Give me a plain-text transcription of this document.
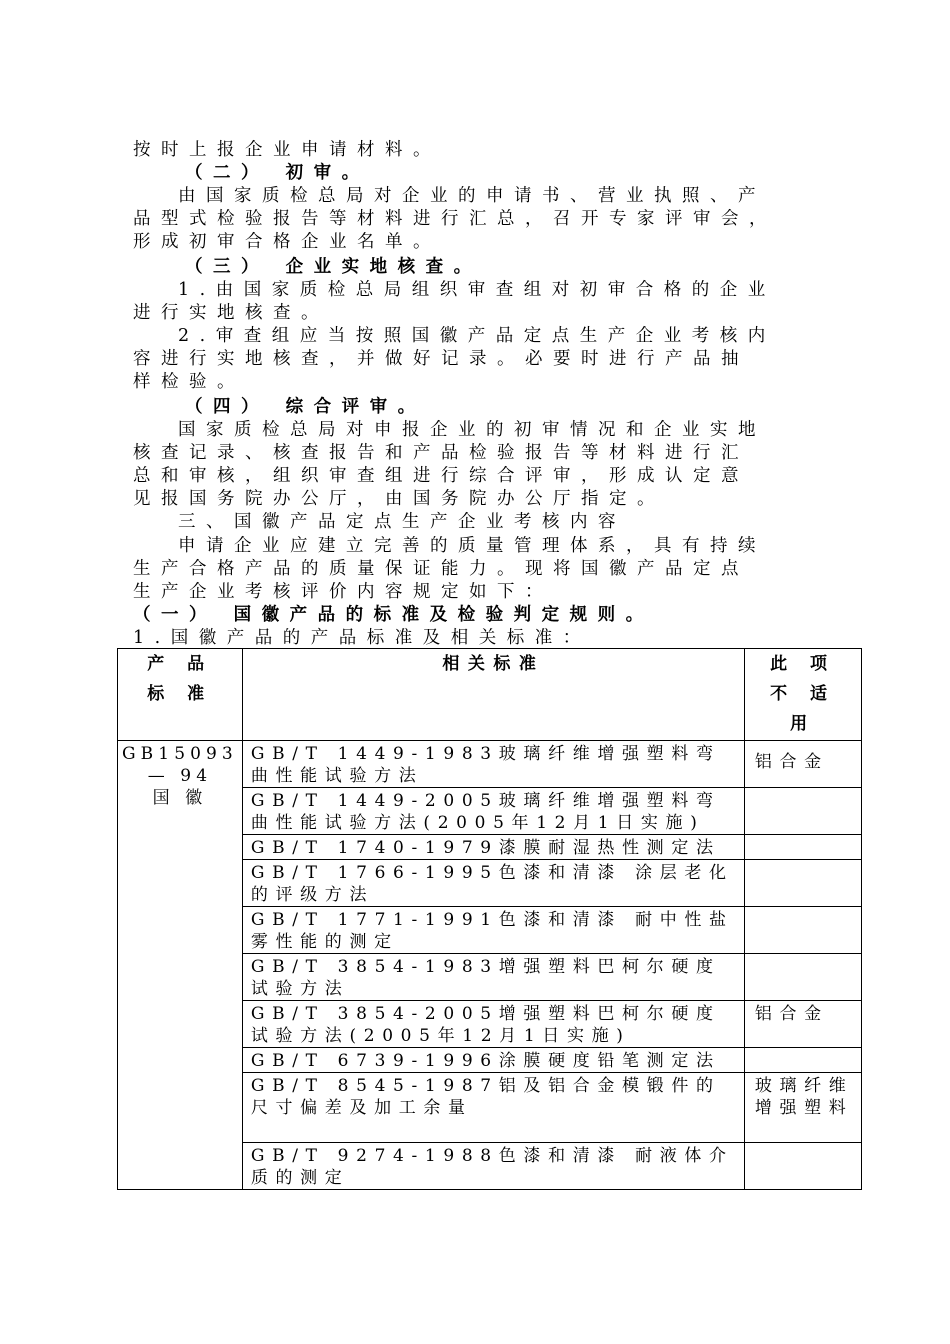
按时上报企业申请材料。
（二） 初审。
由国家质检总局对企业的申请书、营业执照、产
品型式检验报告等材料进行汇总，召开专家评审会，
形成初审合格企业名单。
（三） 企业实地核查。
1.由国家质检总局组织审查组对初审合格的企业
进行实地核查。
2.审查组应当按照国徽产品定点生产企业考核内
容进行实地核查，并做好记录。必要时进行产品抽
样检验。
（四） 综合评审。
国家质检总局对申报企业的初审情况和企业实地
核查记录、核查报告和产品检验报告等材料进行汇
总和审核，组织审查组进行综合评审，形成认定意
见报国务院办公厅，由国务院办公厅指定。
三、国徽产品定点生产企业考核内容
申请企业应建立完善的质量管理体系，具有持续
生产合格产品的质量保证能力。现将国徽产品定点
生产企业考核评价内容规定如下：
（一） 国徽产品的标准及检验判定规则。
1.国徽产品的产品标准及相关标准：
产 品
标 准	相关标准	此 项
不 适
用
GB15093
— 94
国 徽	GB/T 1449-1983玻璃纤维增强塑料弯曲性能试验方法	铝合金
	GB/T 1449-2005玻璃纤维增强塑料弯曲性能试验方法(2005年12月1日实施)	
	GB/T 1740-1979漆膜耐湿热性测定法	
	GB/T 1766-1995色漆和清漆 涂层老化的评级方法	
	GB/T 1771-1991色漆和清漆 耐中性盐雾性能的测定	
	GB/T 3854-1983增强塑料巴柯尔硬度试验方法	
	GB/T 3854-2005增强塑料巴柯尔硬度试验方法(2005年12月1日实施)	铝合金
	GB/T 6739-1996涂膜硬度铅笔测定法	
	GB/T 8545-1987铝及铝合金模锻件的尺寸偏差及加工余量	玻璃纤维增强塑料
	GB/T 9274-1988色漆和清漆 耐液体介质的测定	
